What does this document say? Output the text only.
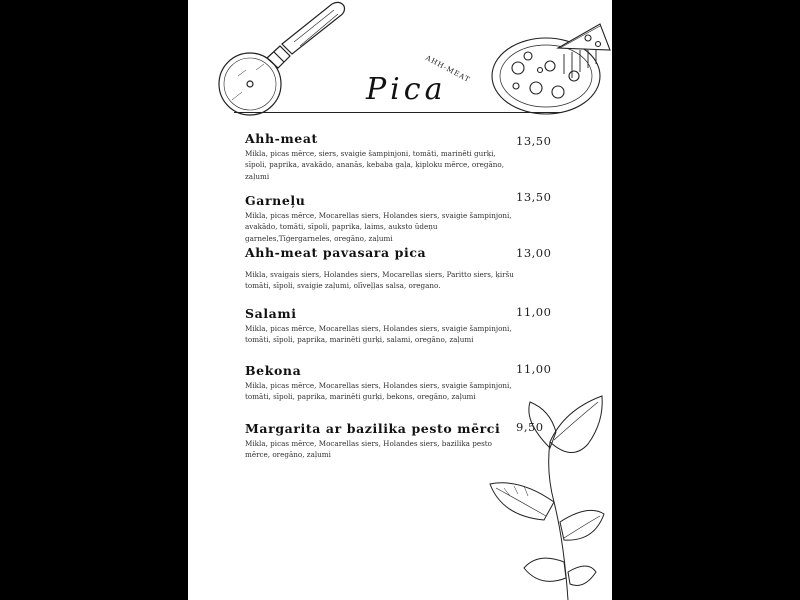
Pica
AHH-MEAT
Ahh-meat
Mikla, picas mērce, siers, svaigie šampinjoni, tomāti, marinēti gurķi, sīpoli, paprika, avakādo, ananās, kebaba gaļa, ķiploku mērce, oregāno, zaļumi
13,50
Garneļu
Mikla, picas mērce, Mocarellas siers, Holandes siers, svaigie šampinjoni, avakādo, tomāti, sīpoli, paprika, laims, auksto ūdeņu garneles,Tīģergarneles, oregāno, zaļumi
13,50
Ahh-meat pavasara pica
Mikla, svaigais siers, Holandes siers, Mocarellas siers, Paritto siers, ķiršu tomāti, sīpoli, svaigie zaļumi, olīveļļas salsa, oregano.
13,00
Salami
Mikla, picas mērce, Mocarellas siers, Holandes siers, svaigie šampinjoni, tomāti, sīpoli, paprika, marinēti gurķi, salami, oregāno, zaļumi
11,00
Bekona
Mikla, picas mērce, Mocarellas siers, Holandes siers, svaigie šampinjoni, tomāti, sīpoli, paprika, marinēti gurķi, bekons, oregāno, zaļumi
11,00
Margarita ar bazilika pesto mērci
Mikla, picas mērce, Mocarellas siers, Holandes siers, bazilika pesto mērce, oregāno, zaļumi
9,50
